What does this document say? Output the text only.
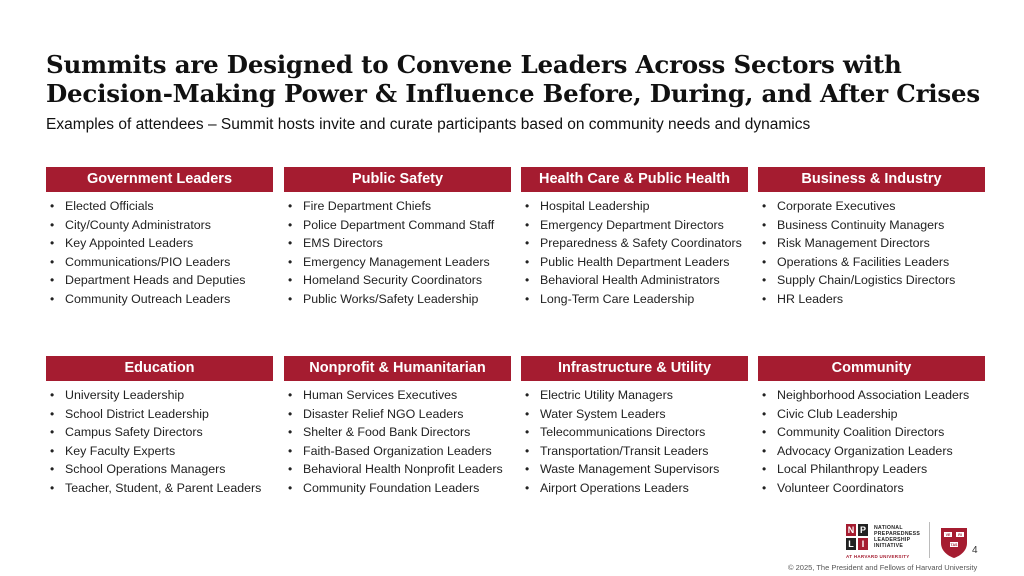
Summits are Designed to Convene Leaders Across Sectors with
Decision-Making Power & Influence Before, During, and After Crises
Examples of attendees – Summit hosts invite and curate participants based on community needs and dynamics
Government Leaders
• Elected Officials
• City/County Administrators
• Key Appointed Leaders
• Communications/PIO Leaders
• Department Heads and Deputies
• Community Outreach Leaders
Public Safety
• Fire Department Chiefs
• Police Department Command Staff
• EMS Directors
• Emergency Management Leaders
• Homeland Security Coordinators
• Public Works/Safety Leadership
Health Care & Public Health
• Hospital Leadership
• Emergency Department Directors
• Preparedness & Safety Coordinators
• Public Health Department Leaders
• Behavioral Health Administrators
• Long-Term Care Leadership
Business & Industry
• Corporate Executives
• Business Continuity Managers
• Risk Management Directors
• Operations & Facilities Leaders
• Supply Chain/Logistics Directors
• HR Leaders
Education
• University Leadership
• School District Leadership
• Campus Safety Directors
• Key Faculty Experts
• School Operations Managers
• Teacher, Student, & Parent Leaders
Nonprofit & Humanitarian
• Human Services Executives
• Disaster Relief NGO Leaders
• Shelter & Food Bank Directors
• Faith-Based Organization Leaders
• Behavioral Health Nonprofit Leaders
• Community Foundation Leaders
Infrastructure & Utility
• Electric Utility Managers
• Water System Leaders
• Telecommunications Directors
• Transportation/Transit Leaders
• Waste Management Supervisors
• Airport Operations Leaders
Community
• Neighborhood Association Leaders
• Civic Club Leadership
• Community Coalition Directors
• Advocacy Organization Leaders
• Local Philanthropy Leaders
• Volunteer Coordinators
N P
L I
NATIONAL
PREPAREDNESS
LEADERSHIP
INITIATIVE
AT HARVARD UNIVERSITY
VE RI
TAS 4
© 2025, The President and Fellows of Harvard University
